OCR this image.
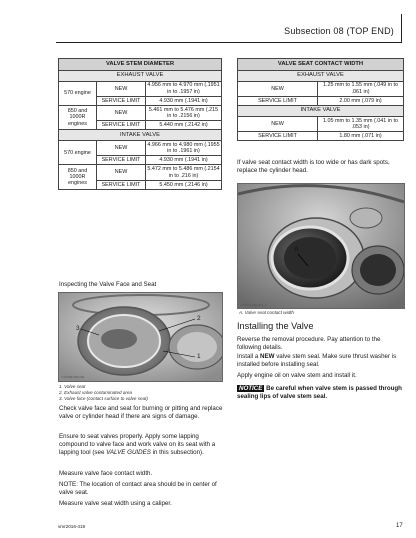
Subsection 08 (TOP END)
VALVE STEM DIAMETER		
EXHAUST VALVE		
570 engine	NEW	4.956 mm to 4.970 mm (.1951 in to .1957 in)
	SERVICE LIMIT	4.930 mm (.1941 in)
850 and 1000R engines	NEW	5.461 mm to 5.476 mm (.215 in to .2156 in)
	SERVICE LIMIT	5.440 mm (.2142 in)
INTAKE VALVE		
570 engine	NEW	4.966 mm to 4.980 mm (.1955 in to .1961 in)
	SERVICE LIMIT	4.930 mm (.1941 in)
850 and 1000R engines	NEW	5.472 mm to 5.486 mm (.2154 in to .216 in)
	SERVICE LIMIT	5.450 mm (.2146 in)
VALVE SEAT CONTACT WIDTH	
EXHAUST VALVE	
NEW	1.25 mm to 1.55 mm (.049 in to .061 in)
SERVICE LIMIT	2.00 mm (.079 in)
INTAKE VALVE	
NEW	1.05 mm to 1.35 mm (.041 in to .053 in)
SERVICE LIMIT	1.80 mm (.071 in)
Inspecting the Valve Face and Seat
3
2
1
rmr2009-009-006
1. Valve seat
2. Exhaust valve contaminated area
3. Valve face (contact surface to valve seat)
Check valve face and seat for burning or pitting and replace valve or cylinder head if there are signs of damage.
Ensure to seat valves properly. Apply some lapping compound to valve face and work valve on its seat with a lapping tool (see VALVE GUIDES in this subsection).
Measure valve face contact width.
NOTE: The location of contact area should be in center of valve seat.
Measure valve seat width using a caliper.
If valve seat contact width is too wide or has dark spots, replace the cylinder head.
A
rmr2016-050-002_a
A. Valve seat contact width
Installing the Valve
Reverse the removal procedure. Pay attention to the following details.
Install a NEW valve stem seal. Make sure thrust washer is installed before installing seal.
Apply engine oil on valve stem and install it.
NOTICE Be careful when valve stem is passed through sealing lips of valve stem seal.
vmr2016-419	17
